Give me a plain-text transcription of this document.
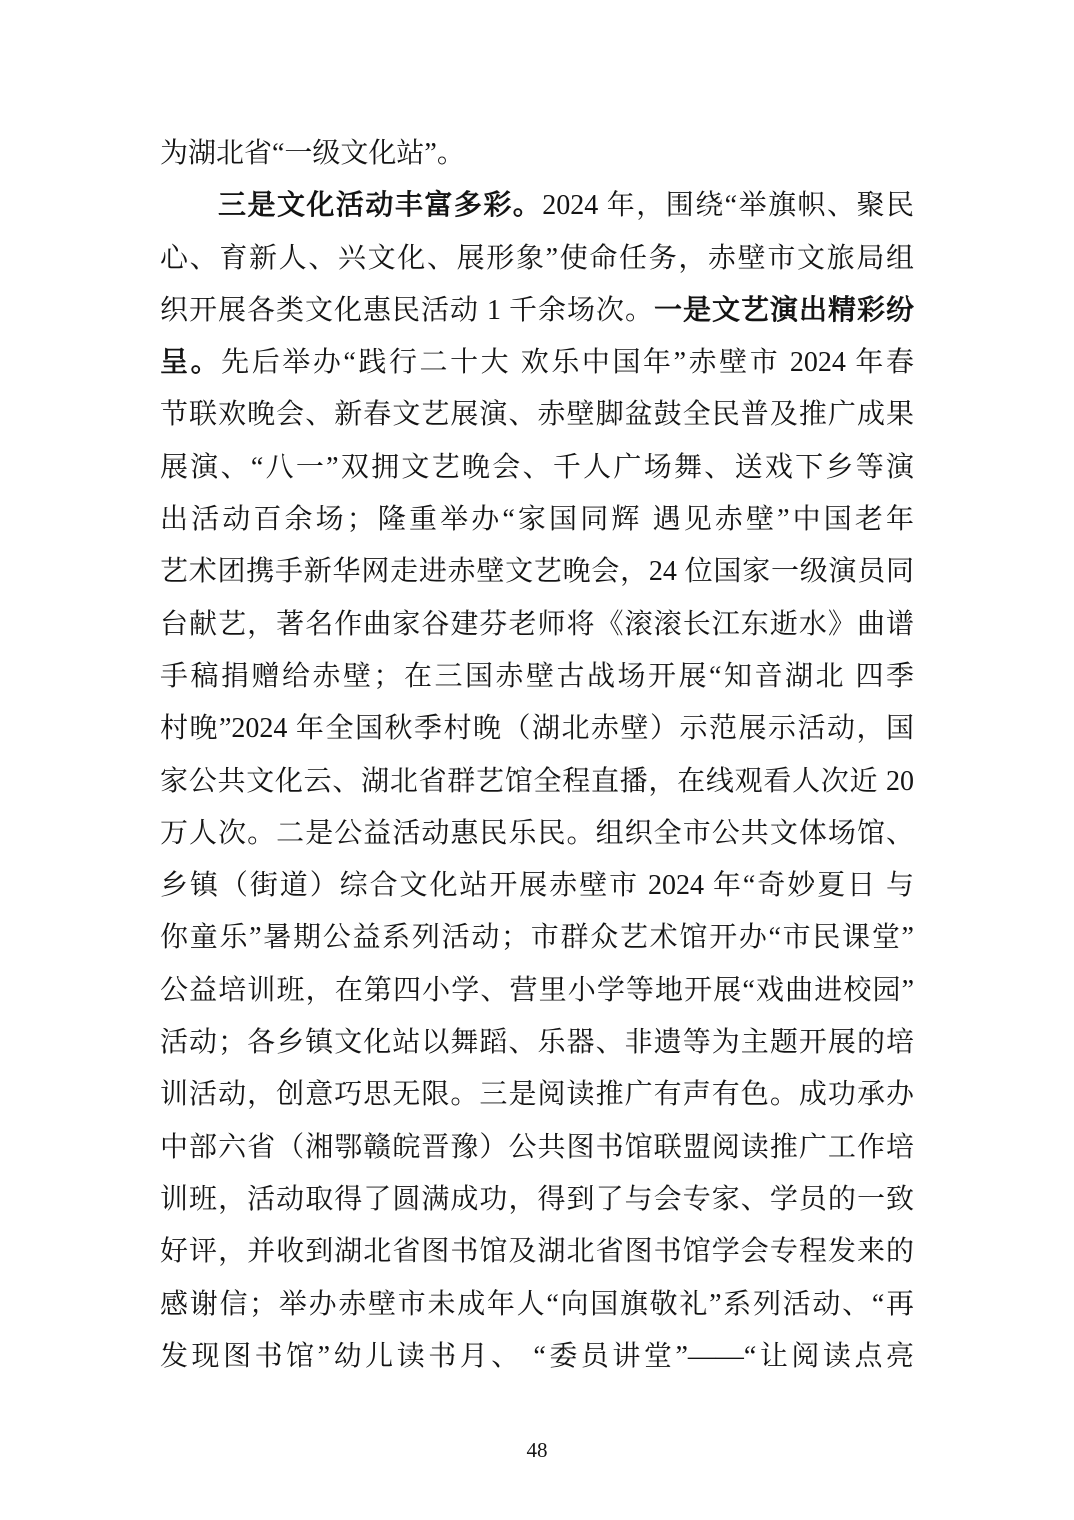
为湖北省“一级文化站”。
三是文化活动丰富多彩。2024 年，围绕“举旗帜、聚民
心、育新人、兴文化、展形象”使命任务，赤壁市文旅局组
织开展各类文化惠民活动 1 千余场次。一是文艺演出精彩纷
呈。先后举办“践行二十大 欢乐中国年”赤壁市 2024 年春
节联欢晚会、新春文艺展演、赤壁脚盆鼓全民普及推广成果
展演、“八一”双拥文艺晚会、千人广场舞、送戏下乡等演
出活动百余场；隆重举办“家国同辉 遇见赤壁”中国老年
艺术团携手新华网走进赤壁文艺晚会，24 位国家一级演员同
台献艺，著名作曲家谷建芬老师将《滚滚长江东逝水》曲谱
手稿捐赠给赤壁；在三国赤壁古战场开展“知音湖北 四季
村晚”2024 年全国秋季村晚（湖北赤壁）示范展示活动，国
家公共文化云、湖北省群艺馆全程直播，在线观看人次近 20
万人次。二是公益活动惠民乐民。组织全市公共文体场馆、
乡镇（街道）综合文化站开展赤壁市 2024 年“奇妙夏日 与
你童乐”暑期公益系列活动；市群众艺术馆开办“市民课堂”
公益培训班，在第四小学、营里小学等地开展“戏曲进校园”
活动；各乡镇文化站以舞蹈、乐器、非遗等为主题开展的培
训活动，创意巧思无限。三是阅读推广有声有色。成功承办
中部六省（湘鄂赣皖晋豫）公共图书馆联盟阅读推广工作培
训班，活动取得了圆满成功，得到了与会专家、学员的一致
好评，并收到湖北省图书馆及湖北省图书馆学会专程发来的
感谢信；举办赤壁市未成年人“向国旗敬礼”系列活动、“再
发现图书馆”幼儿读书月、 “委员讲堂”——“让阅读点亮
48
